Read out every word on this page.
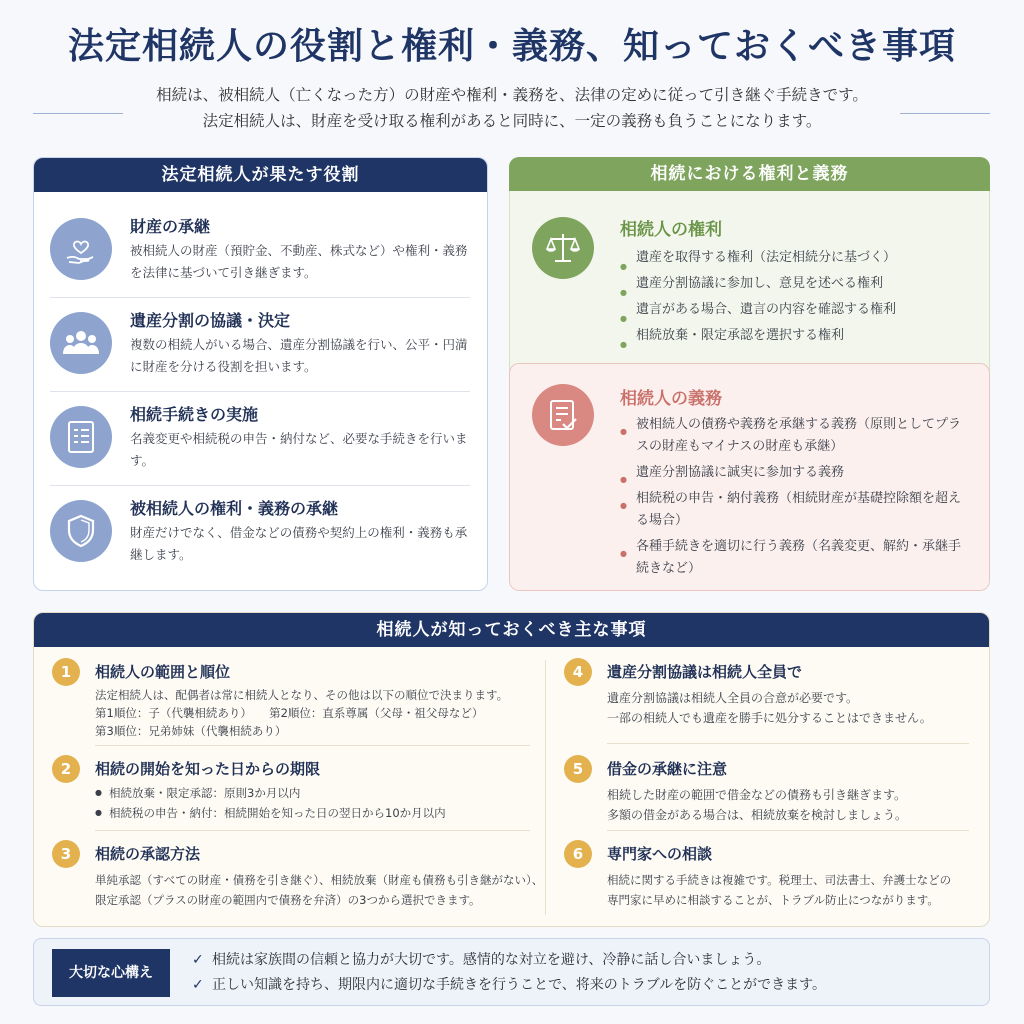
法定相続人の役割と権利・義務、知っておくべき事項
相続は、被相続人（亡くなった方）の財産や権利・義務を、法律の定めに従って引き継ぐ手続きです。
法定相続人は、財産を受け取る権利があると同時に、一定の義務も負うことになります。
法定相続人が果たす役割
財産の承継
被相続人の財産（預貯金、不動産、株式など）や権利・義務を法律に基づいて引き継ぎます。
遺産分割の協議・決定
複数の相続人がいる場合、遺産分割協議を行い、公平・円満に財産を分ける役割を担います。
相続手続きの実施
名義変更や相続税の申告・納付など、必要な手続きを行います。
被相続人の権利・義務の承継
財産だけでなく、借金などの債務や契約上の権利・義務も承継します。
相続における権利と義務
相続人の権利
● 遺産を取得する権利（法定相続分に基づく）
● 遺産分割協議に参加し、意見を述べる権利
● 遺言がある場合、遺言の内容を確認する権利
● 相続放棄・限定承認を選択する権利
相続人の義務
● 被相続人の債務や義務を承継する義務（原則としてプラスの財産もマイナスの財産も承継）
● 遺産分割協議に誠実に参加する義務
● 相続税の申告・納付義務（相続財産が基礎控除額を超える場合）
● 各種手続きを適切に行う義務（名義変更、解約・承継手続きなど）
相続人が知っておくべき主な事項
1	相続人の範囲と順位
法定相続人は、配偶者は常に相続人となり、その他は以下の順位で決まります。
第1順位：子（代襲相続あり）　　第2順位：直系尊属（父母・祖父母など）
第3順位：兄弟姉妹（代襲相続あり）
2	相続の開始を知った日からの期限
● 相続放棄・限定承認：原則3か月以内
● 相続税の申告・納付：相続開始を知った日の翌日から10か月以内
3	相続の承認方法
単純承認（すべての財産・債務を引き継ぐ）、相続放棄（財産も債務も引き継がない）、
限定承認（プラスの財産の範囲内で債務を弁済）の3つから選択できます。
4	遺産分割協議は相続人全員で
遺産分割協議は相続人全員の合意が必要です。
一部の相続人でも遺産を勝手に処分することはできません。
5	借金の承継に注意
相続した財産の範囲で借金などの債務も引き継ぎます。
多額の借金がある場合は、相続放棄を検討しましょう。
6	専門家への相談
相続に関する手続きは複雑です。税理士、司法書士、弁護士などの
専門家に早めに相談することが、トラブル防止につながります。
大切な心構え
✓ 相続は家族間の信頼と協力が大切です。感情的な対立を避け、冷静に話し合いましょう。
✓ 正しい知識を持ち、期限内に適切な手続きを行うことで、将来のトラブルを防ぐことができます。
